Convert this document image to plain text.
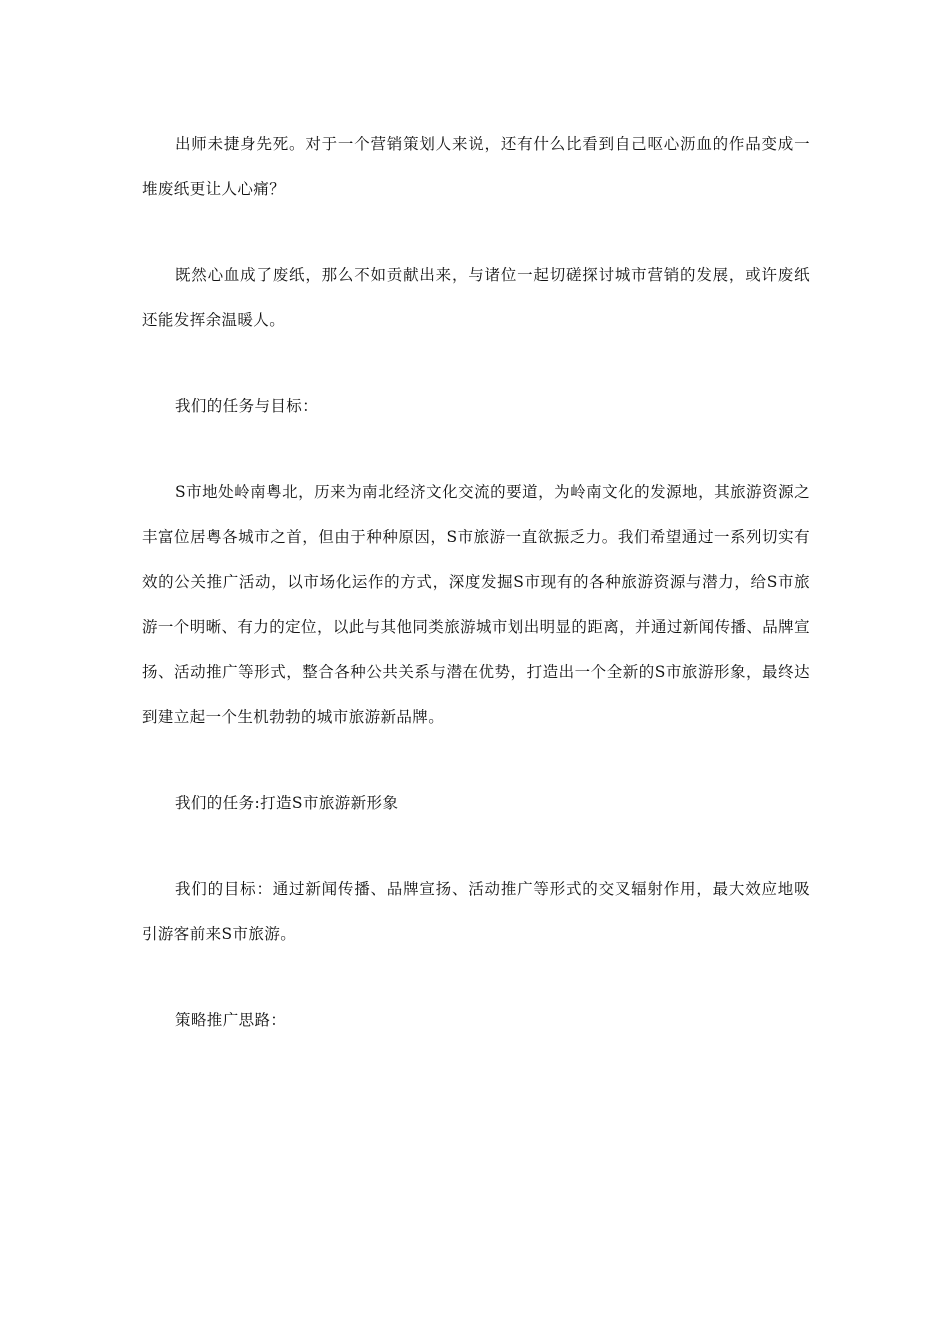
出师未捷身先死。对于一个营销策划人来说，还有什么比看到自己呕心沥血的作品变成一堆废纸更让人心痛？

既然心血成了废纸，那么不如贡献出来，与诸位一起切磋探讨城市营销的发展，或许废纸还能发挥余温暖人。

我们的任务与目标：

S市地处岭南粤北，历来为南北经济文化交流的要道，为岭南文化的发源地，其旅游资源之丰富位居粤各城市之首，但由于种种原因，S市旅游一直欲振乏力。我们希望通过一系列切实有效的公关推广活动，以市场化运作的方式，深度发掘S市现有的各种旅游资源与潜力，给S市旅游一个明晰、有力的定位，以此与其他同类旅游城市划出明显的距离，并通过新闻传播、品牌宣扬、活动推广等形式，整合各种公共关系与潜在优势，打造出一个全新的S市旅游形象，最终达到建立起一个生机勃勃的城市旅游新品牌。

我们的任务:打造S市旅游新形象

我们的目标：通过新闻传播、品牌宣扬、活动推广等形式的交叉辐射作用，最大效应地吸引游客前来S市旅游。

策略推广思路：
